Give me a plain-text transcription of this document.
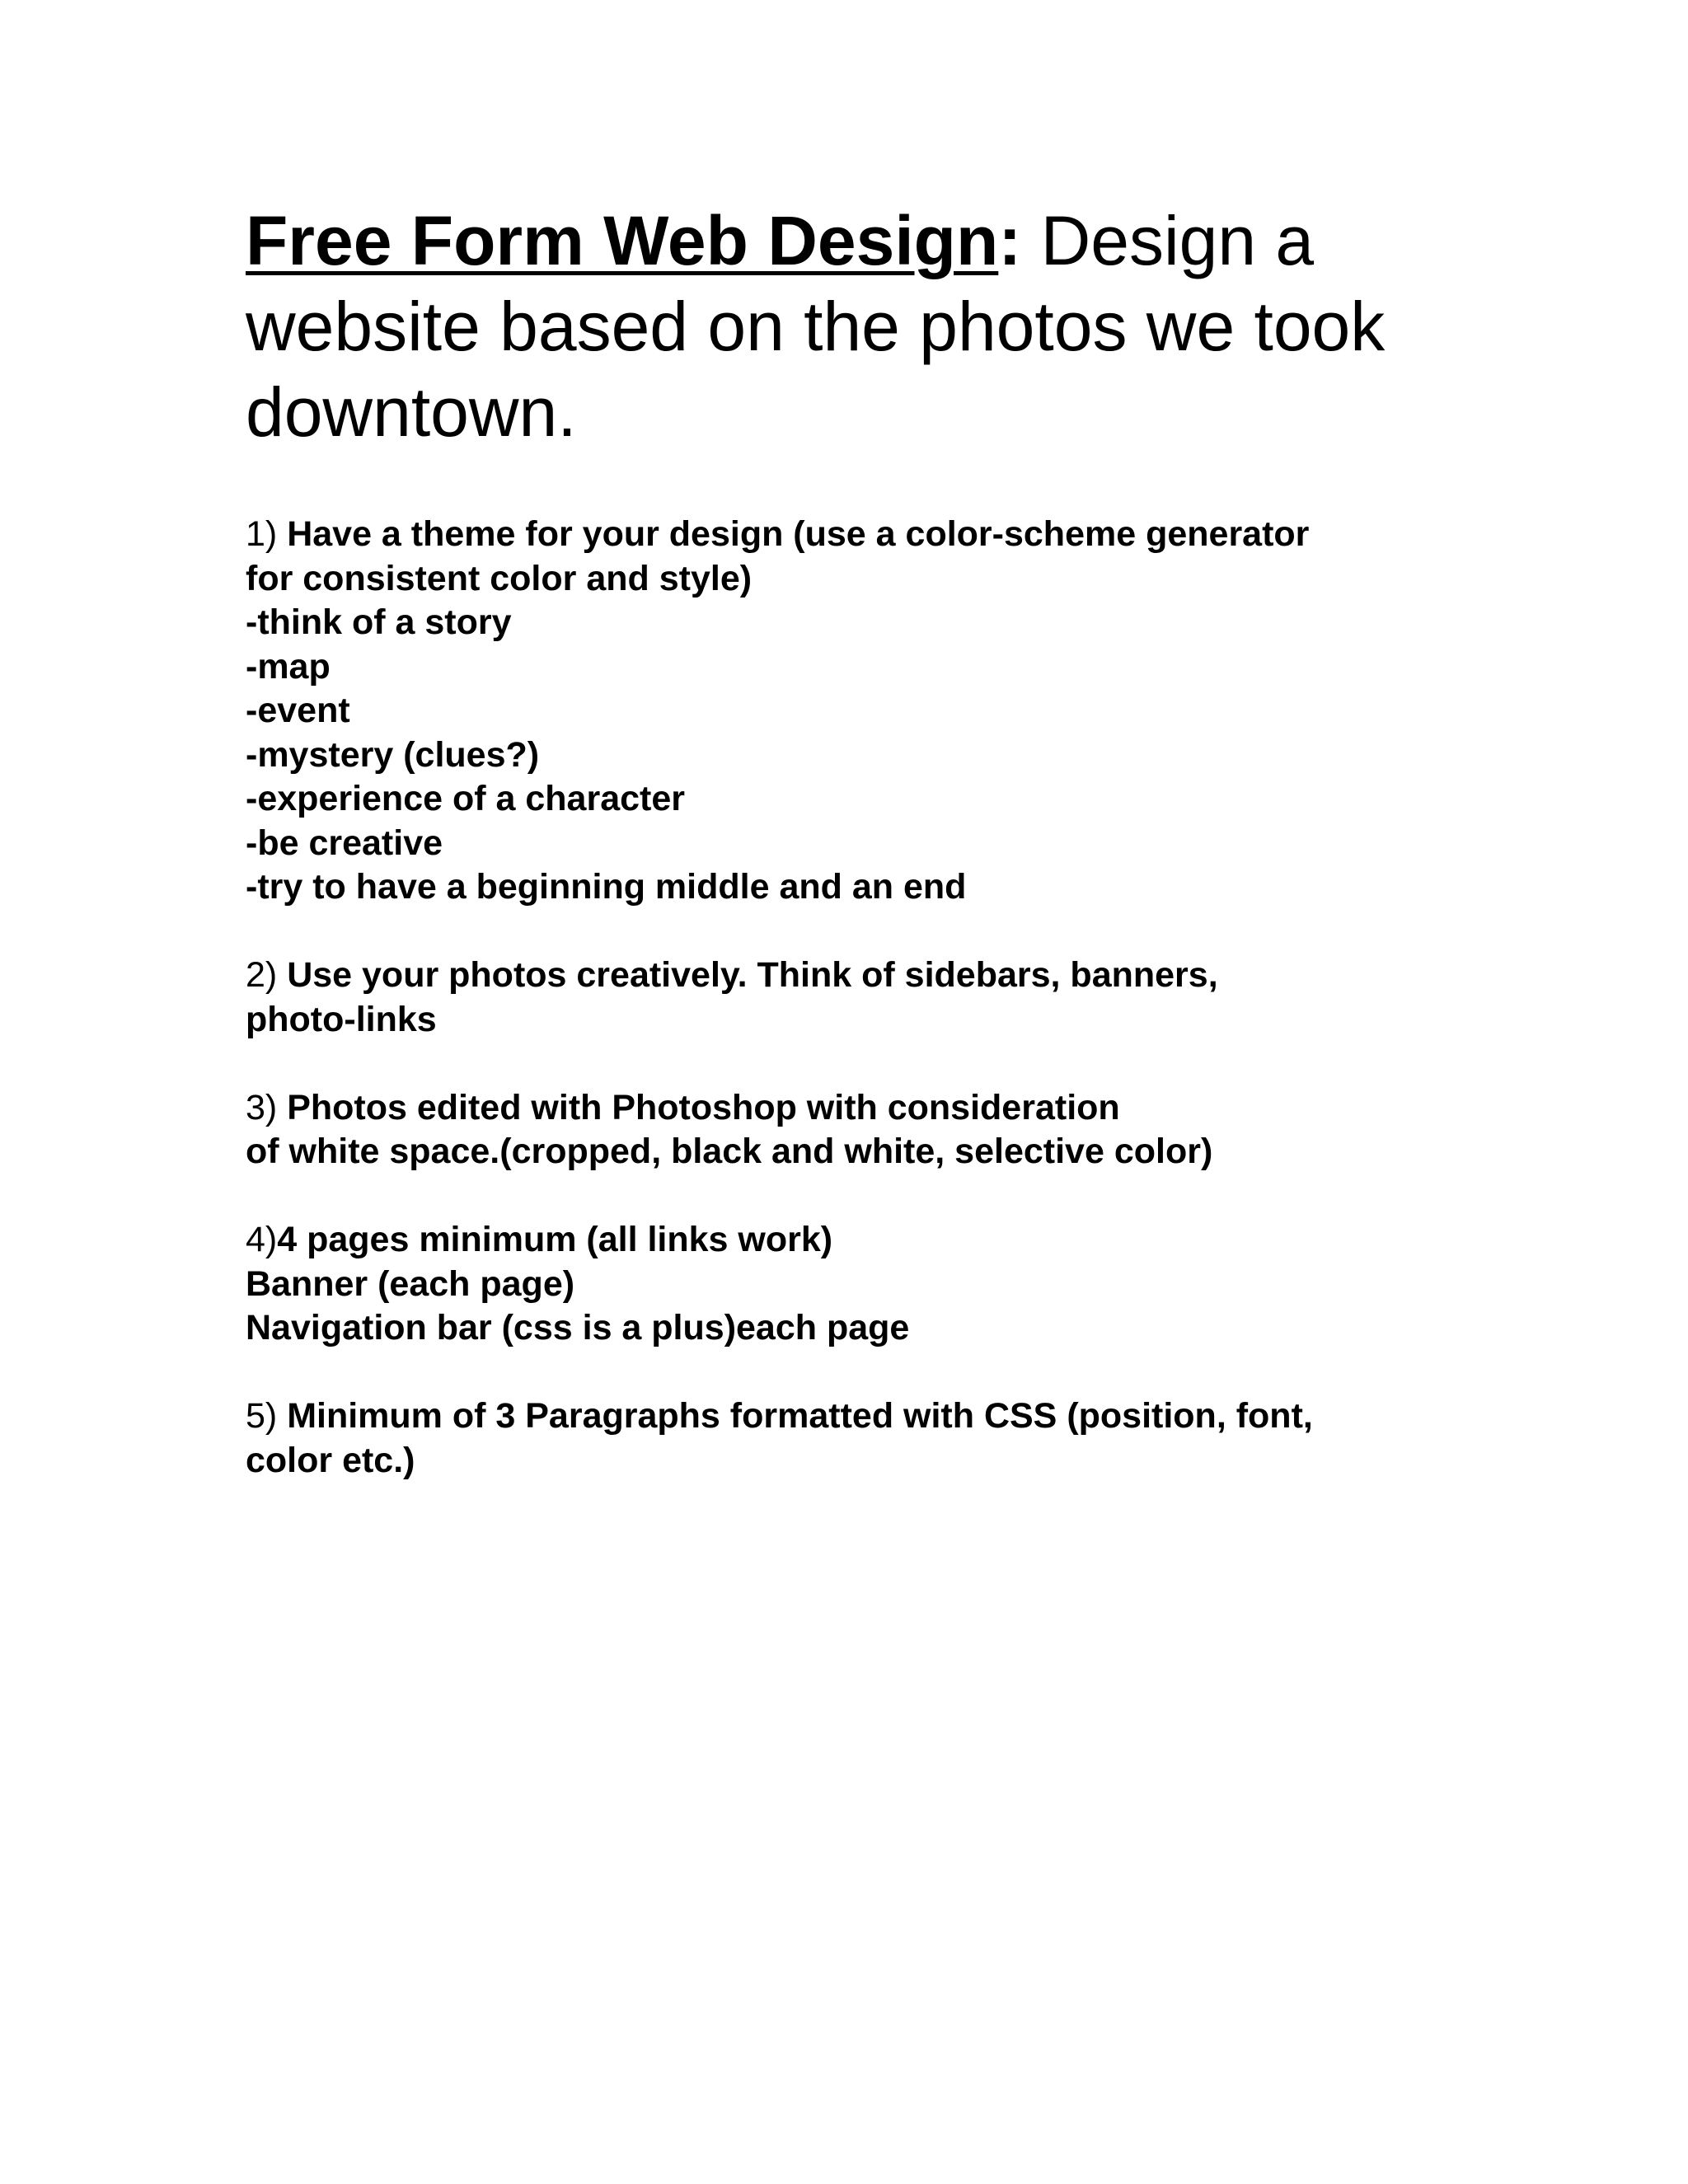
Free Form Web Design: Design a website based on the photos we took downtown.

1) Have a theme for your design (use a color-scheme generator
for consistent color and style)
-think of a story
-map
-event
-mystery (clues?)
-experience of a character
-be creative
-try to have a beginning middle and an end

2) Use your photos creatively. Think of sidebars, banners,
photo-links

3) Photos edited with Photoshop with consideration
of white space.(cropped, black and white, selective color)

4)4 pages minimum (all links work)
Banner (each page)
Navigation bar (css is a plus)each page

5) Minimum of 3 Paragraphs formatted with CSS (position, font,
color etc.)
